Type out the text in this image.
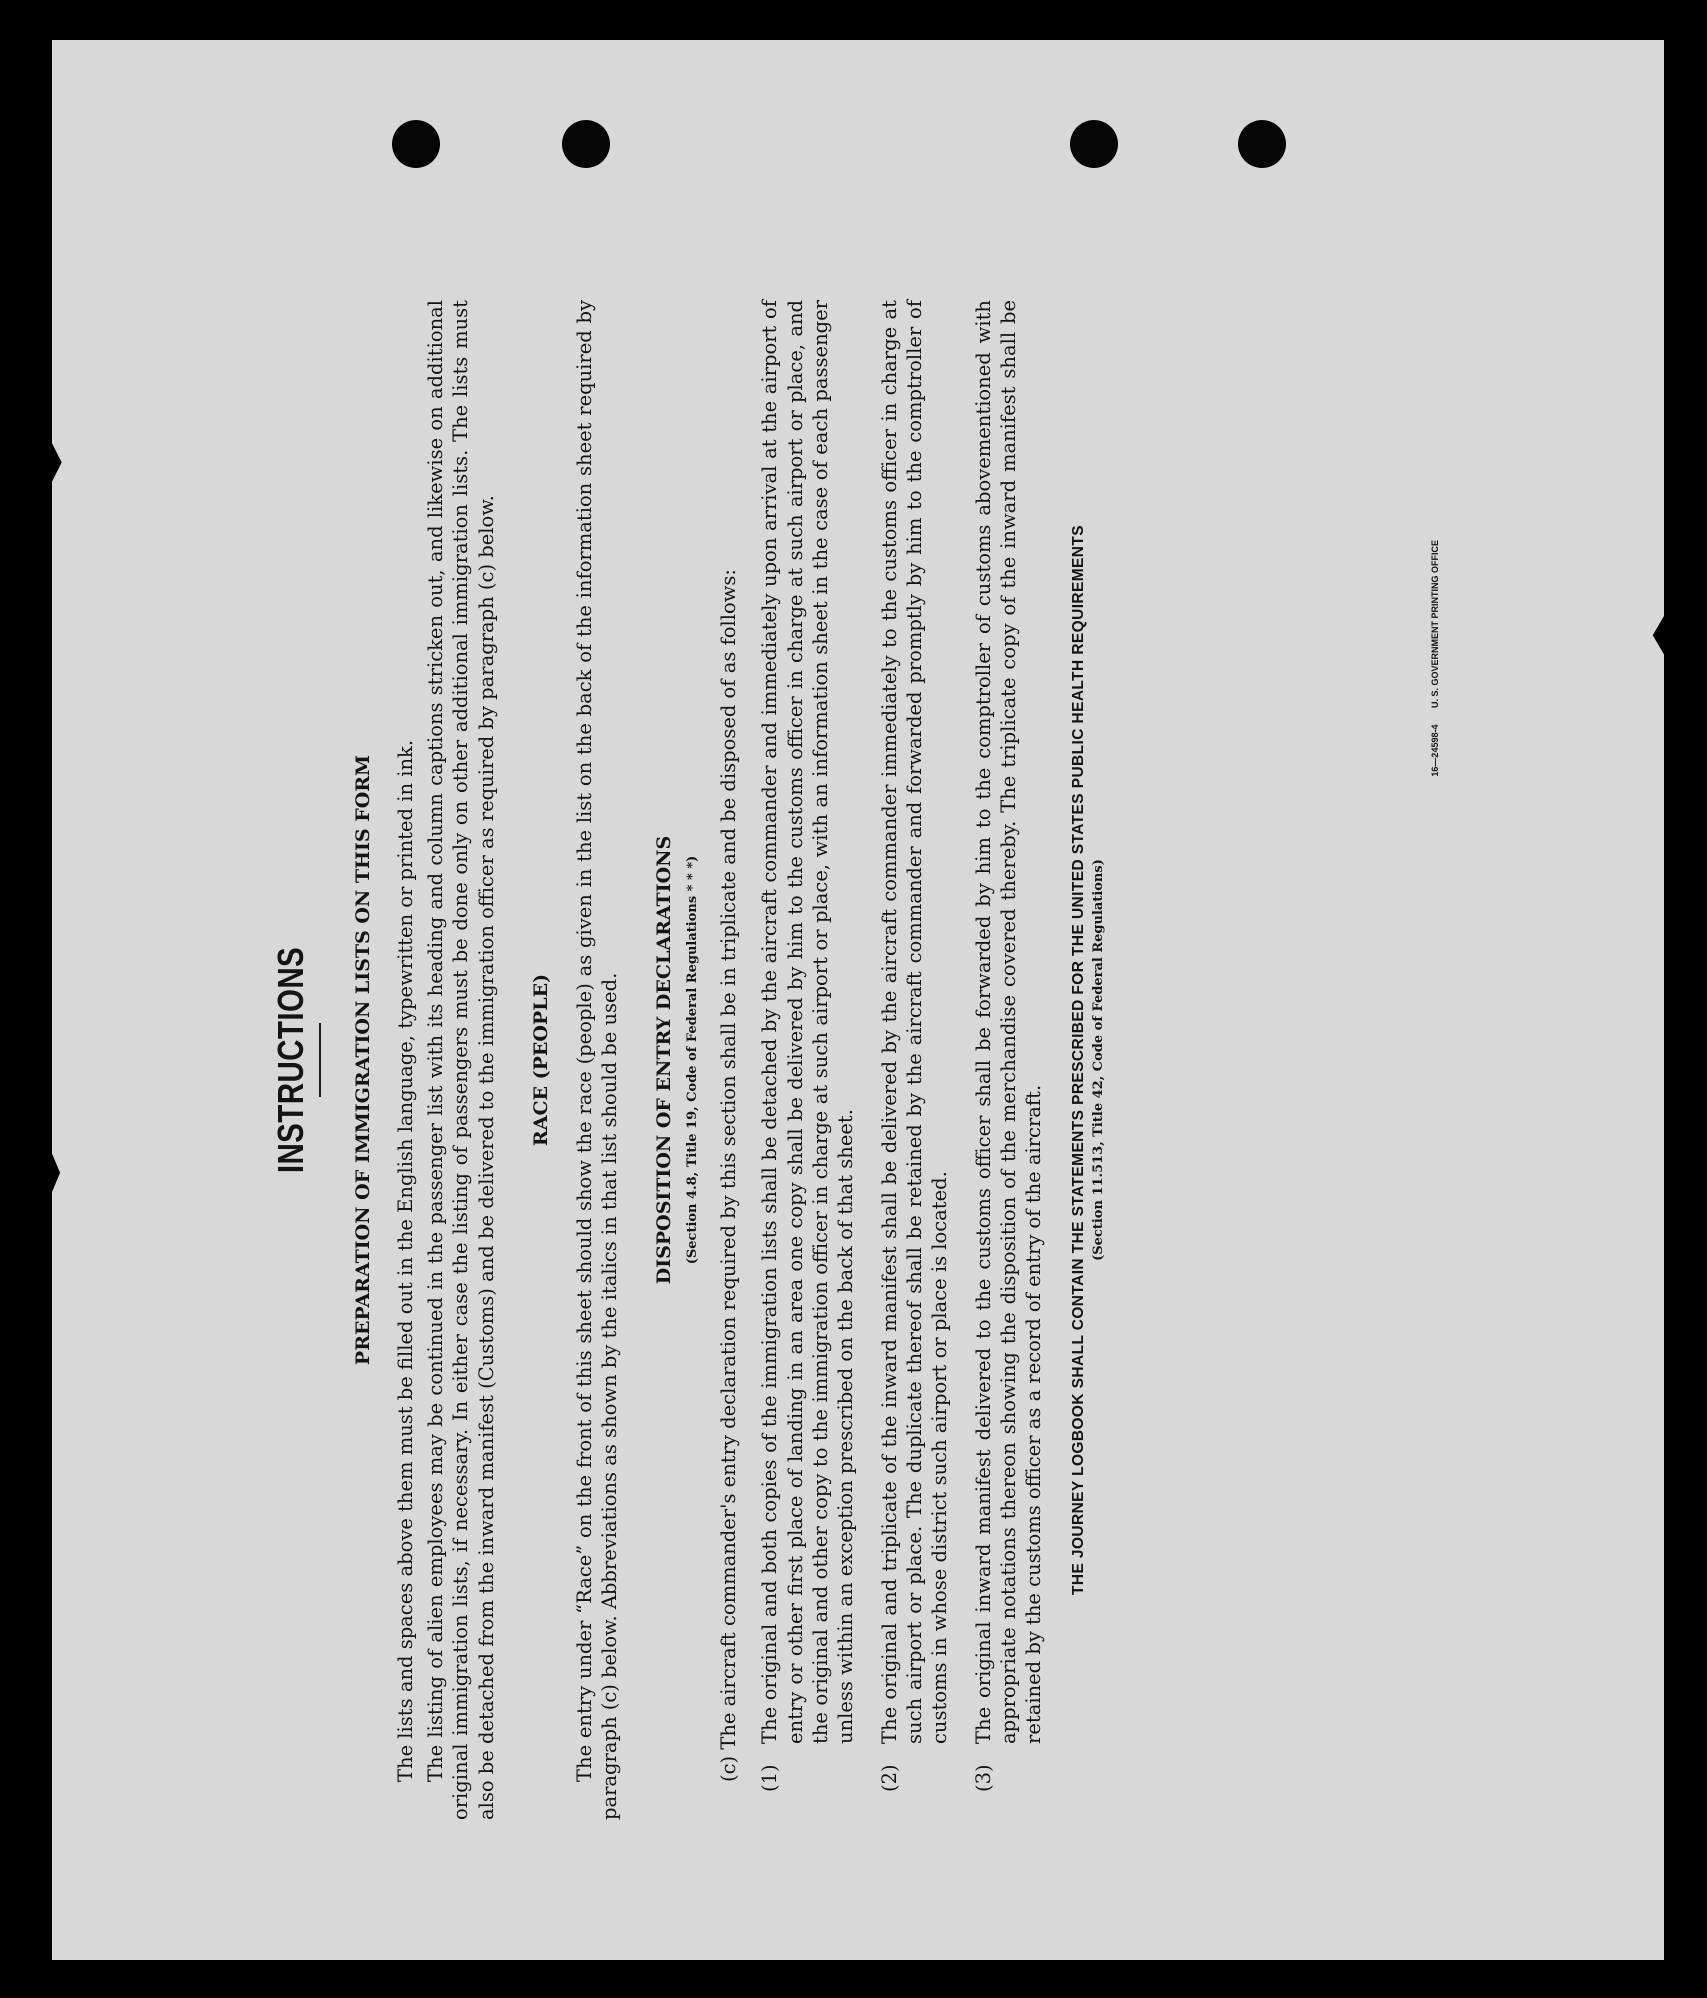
INSTRUCTIONS PREPARATION OF IMMIGRATION LISTS ON THIS FORM The lists and spaces above them must be filled out in the English language, typewritten or printed in ink. The listing of alien employees may be continued in the passenger list with its heading and column captions stricken out, and likewise on additional original immigration lists, if necessary. In either case the listing of passengers must be done only on other additional immigration lists. The lists must also be detached from the inward manifest (Customs) and be delivered to the immigration officer as required by paragraph (c) below. RACE (PEOPLE) The entry under “Race” on the front of this sheet should show the race (people) as given in the list on the back of the information sheet required by paragraph (c) below. Abbreviations as shown by the italics in that list should be used. DISPOSITION OF ENTRY DECLARATIONS (Section 4.8, Title 19, Code of Federal Regulations * * *) (c) The aircraft commander's entry declaration required by this section shall be in triplicate and be disposed of as follows: (1)
The original and both copies of the immigration lists shall be detached by the aircraft commander and immediately upon arrival at the airport of entry or other first place of landing in an area one copy shall be delivered by him to the customs officer in charge at such airport or place, and the original and other copy to the immigration officer in charge at such airport or place, with an information sheet in the case of each passenger unless within an exception prescribed on the back of that sheet.
(2)
The original and triplicate of the inward manifest shall be delivered by the aircraft commander immediately to the customs officer in charge at such airport or place. The duplicate thereof shall be retained by the aircraft commander and forwarded promptly by him to the comptroller of customs in whose district such airport or place is located.
(3)
The original inward manifest delivered to the customs officer shall be forwarded by him to the comptroller of customs abovementioned with appropriate notations thereon showing the disposition of the merchandise covered thereby. The triplicate copy of the inward manifest shall be retained by the customs officer as a record of entry of the aircraft. THE JOURNEY LOGBOOK SHALL CONTAIN THE STATEMENTS PRESCRIBED FOR THE UNITED STATES PUBLIC HEALTH REQUIREMENTS (Section 11.513, Title 42, Code of Federal Regulations)
16—24598-4 U. S. GOVERNMENT PRINTING OFFICE
